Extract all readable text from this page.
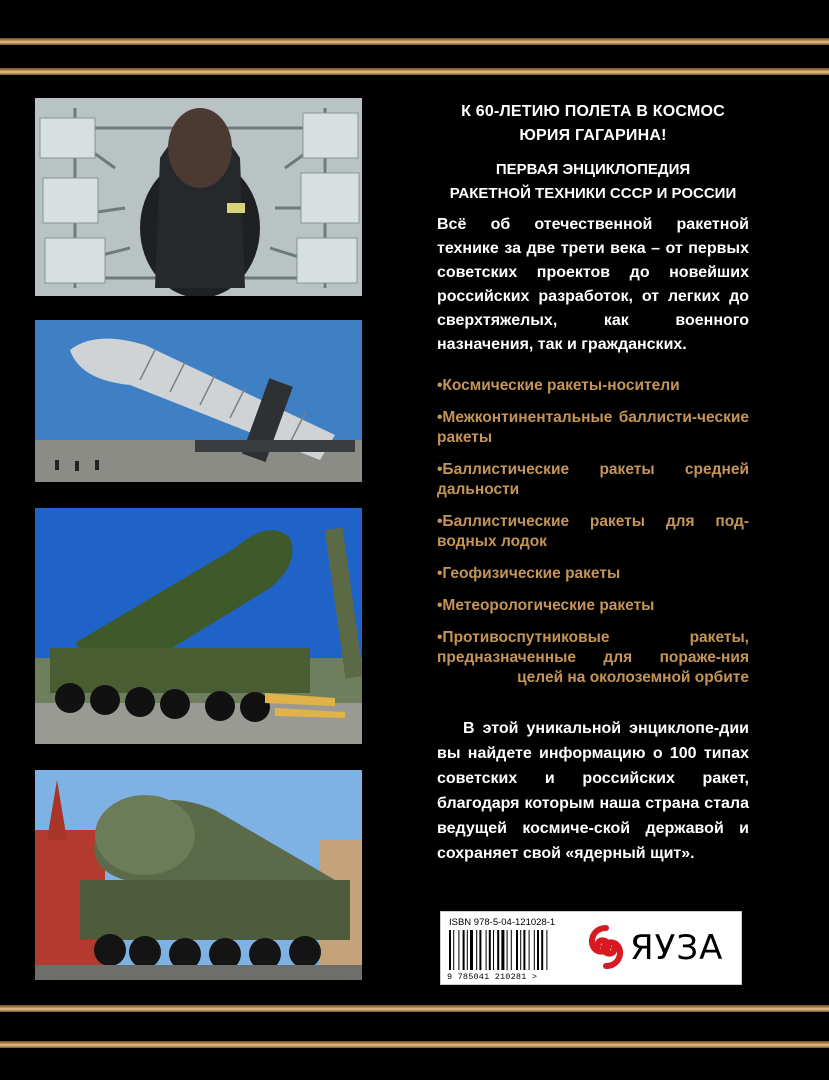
К 60-ЛЕТИЮ ПОЛЕТА В КОСМОС
ЮРИЯ ГАГАРИНА!
ПЕРВАЯ ЭНЦИКЛОПЕДИЯ
РАКЕТНОЙ ТЕХНИКИ СССР И РОССИИ
Всё об отечественной ракетной технике за две трети века – от первых советских проектов до новейших российских разработок, от легких до сверхтяжелых, как военного назначения, так и гражданских.
•Космические ракеты-носители
•Межконтинентальные баллисти-ческие ракеты
•Баллистические ракеты средней дальности
•Баллистические ракеты для под-водных лодок
•Геофизические ракеты
•Метеорологические ракеты
•Противоспутниковые ракеты, предназначенные для пораже-ния целей на околоземной орбите
В этой уникальной энциклопе-дии вы найдете информацию о 100 типах советских и российских ракет, благодаря которым наша страна стала ведущей космиче-ской державой и сохраняет свой «ядерный щит».
ISBN 978-5-04-121028-1
9 785041 210281 >
ЯУЗА
